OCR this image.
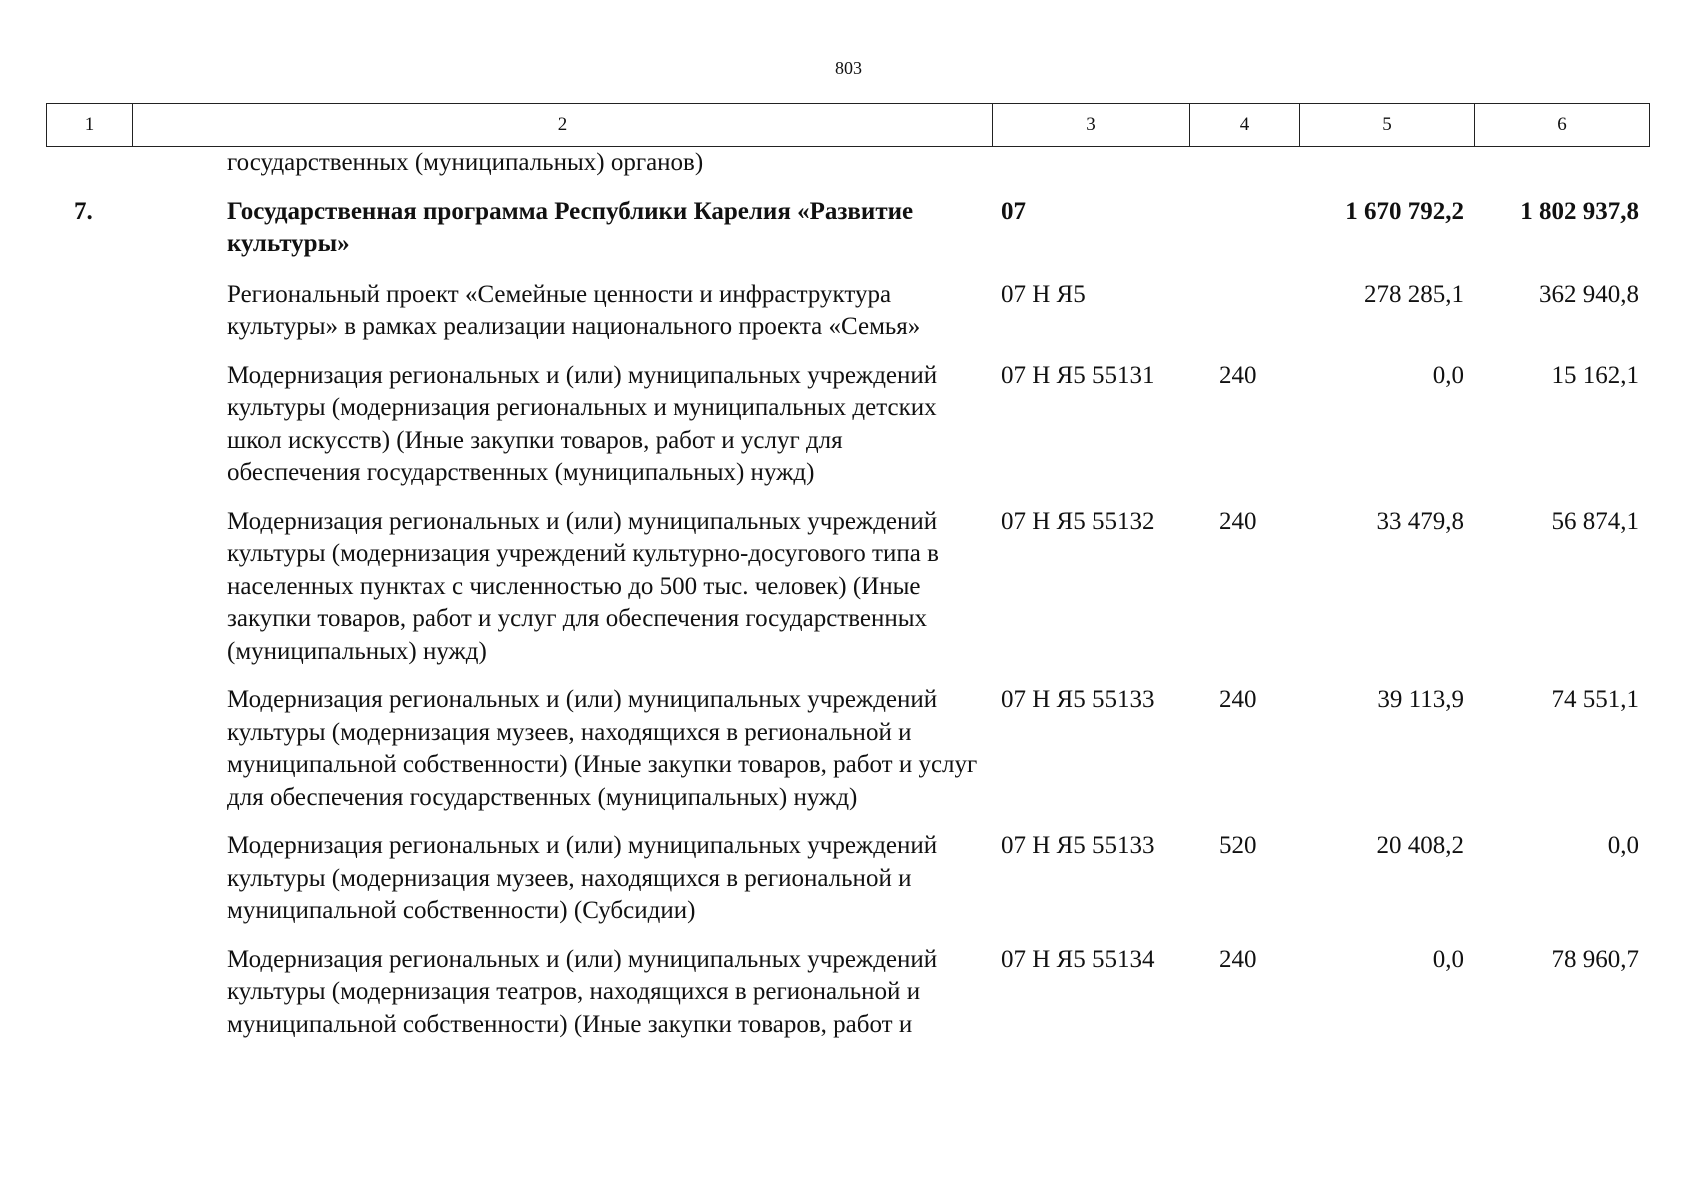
803
1	2	3	4	5	6
	государственных (муниципальных) органов)				
7.	Государственная программа Республики Карелия «Развитие культуры»	07		1 670 792,2	1 802 937,8
	Региональный проект «Семейные ценности и инфраструктура культуры» в рамках реализации национального проекта «Семья»	07 Н Я5		278 285,1	362 940,8
	Модернизация региональных и (или) муниципальных учреждений культуры (модернизация региональных и муниципальных детских школ искусств) (Иные закупки товаров, работ и услуг для обеспечения государственных (муниципальных) нужд)	07 Н Я5 55131	240	0,0	15 162,1
	Модернизация региональных и (или) муниципальных учреждений культуры (модернизация учреждений культурно-досугового типа в населенных пунктах с численностью до 500 тыс. человек) (Иные закупки товаров, работ и услуг для обеспечения государственных (муниципальных) нужд)	07 Н Я5 55132	240	33 479,8	56 874,1
	Модернизация региональных и (или) муниципальных учреждений культуры (модернизация музеев, находящихся в региональной и муниципальной собственности) (Иные закупки товаров, работ и услуг для обеспечения государственных (муниципальных) нужд)	07 Н Я5 55133	240	39 113,9	74 551,1
	Модернизация региональных и (или) муниципальных учреждений культуры (модернизация музеев, находящихся в региональной и муниципальной собственности) (Субсидии)	07 Н Я5 55133	520	20 408,2	0,0
	Модернизация региональных и (или) муниципальных учреждений культуры (модернизация театров, находящихся в региональной и муниципальной собственности) (Иные закупки товаров, работ и	07 Н Я5 55134	240	0,0	78 960,7
